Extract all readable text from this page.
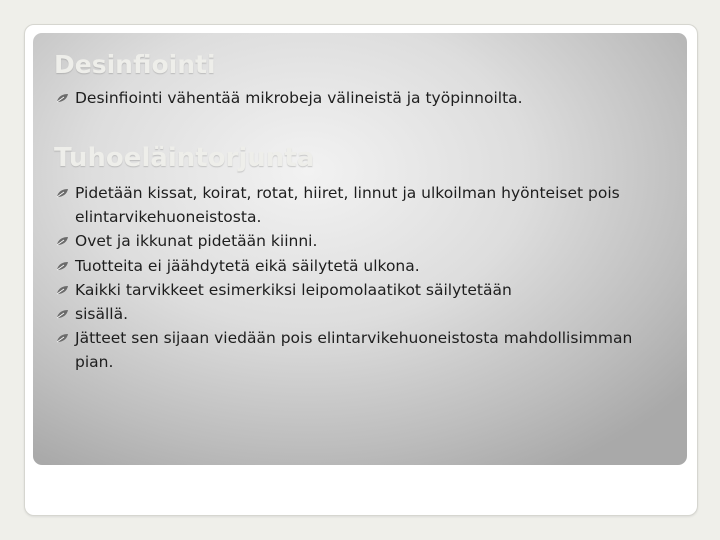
Desinfiointi
Desinfiointi vähentää mikrobeja välineistä ja työpinnoilta.
Tuhoeläintorjunta
Pidetään kissat, koirat, rotat, hiiret, linnut ja ulkoilman hyönteiset pois elintarvikehuoneistosta.
Ovet ja ikkunat pidetään kiinni.
Tuotteita ei jäähdytetä eikä säilytetä ulkona.
Kaikki tarvikkeet esimerkiksi leipomolaatikot säilytetään
sisällä.
Jätteet sen sijaan viedään pois elintarvikehuoneistosta mahdollisimman pian.
